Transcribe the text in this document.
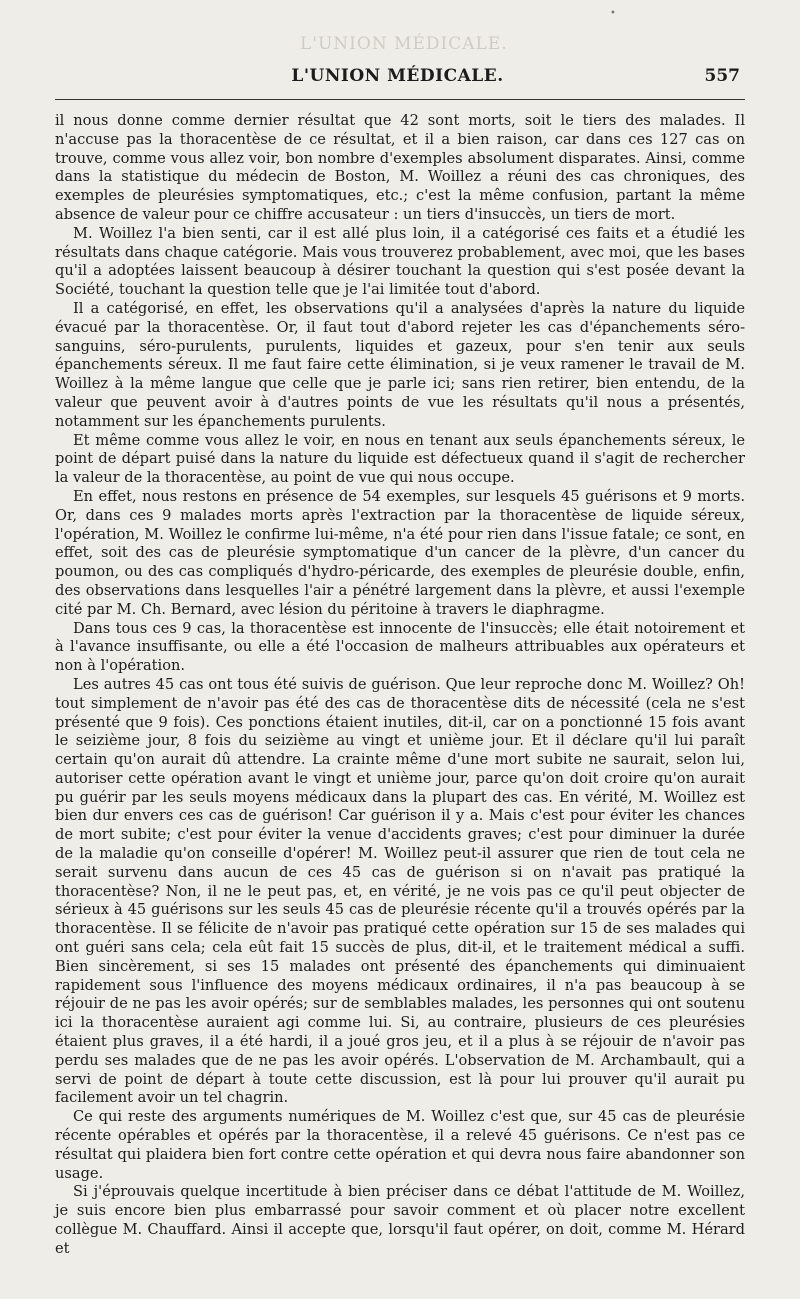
L'UNION MÉDICALE.
•
L'UNION MÉDICALE.	557

il nous donne comme dernier résultat que 42 sont morts, soit le tiers des malades. Il n'accuse pas la thoracentèse de ce résultat, et il a bien raison, car dans ces 127 cas on trouve, comme vous allez voir, bon nombre d'exemples absolument disparates. Ainsi, comme dans la statistique du médecin de Boston, M. Woillez a réuni des cas chroniques, des exemples de pleurésies symptomatiques, etc.; c'est la même confusion, partant la même absence de valeur pour ce chiffre accusateur : un tiers d'insuccès, un tiers de mort.

M. Woillez l'a bien senti, car il est allé plus loin, il a catégorisé ces faits et a étudié les résultats dans chaque catégorie. Mais vous trouverez probablement, avec moi, que les bases qu'il a adoptées laissent beaucoup à désirer touchant la question qui s'est posée devant la Société, touchant la question telle que je l'ai limitée tout d'abord.

Il a catégorisé, en effet, les observations qu'il a analysées d'après la nature du liquide évacué par la thoracentèse. Or, il faut tout d'abord rejeter les cas d'épanchements séro-sanguins, séro-purulents, purulents, liquides et gazeux, pour s'en tenir aux seuls épanchements séreux. Il me faut faire cette élimination, si je veux ramener le travail de M. Woillez à la même langue que celle que je parle ici; sans rien retirer, bien entendu, de la valeur que peuvent avoir à d'autres points de vue les résultats qu'il nous a présentés, notamment sur les épanchements purulents.

Et même comme vous allez le voir, en nous en tenant aux seuls épanchements séreux, le point de départ puisé dans la nature du liquide est défectueux quand il s'agit de rechercher la valeur de la thoracentèse, au point de vue qui nous occupe.

En effet, nous restons en présence de 54 exemples, sur lesquels 45 guérisons et 9 morts. Or, dans ces 9 malades morts après l'extraction par la thoracentèse de liquide séreux, l'opération, M. Woillez le confirme lui-même, n'a été pour rien dans l'issue fatale; ce sont, en effet, soit des cas de pleurésie symptomatique d'un cancer de la plèvre, d'un cancer du poumon, ou des cas compliqués d'hydro-péricarde, des exemples de pleurésie double, enfin, des observations dans lesquelles l'air a pénétré largement dans la plèvre, et aussi l'exemple cité par M. Ch. Bernard, avec lésion du péritoine à travers le diaphragme.

Dans tous ces 9 cas, la thoracentèse est innocente de l'insuccès; elle était notoirement et à l'avance insuffisante, ou elle a été l'occasion de malheurs attribuables aux opérateurs et non à l'opération.

Les autres 45 cas ont tous été suivis de guérison. Que leur reproche donc M. Woillez? Oh! tout simplement de n'avoir pas été des cas de thoracentèse dits de nécessité (cela ne s'est présenté que 9 fois). Ces ponctions étaient inutiles, dit-il, car on a ponctionné 15 fois avant le seizième jour, 8 fois du seizième au vingt et unième jour. Et il déclare qu'il lui paraît certain qu'on aurait dû attendre. La crainte même d'une mort subite ne saurait, selon lui, autoriser cette opération avant le vingt et unième jour, parce qu'on doit croire qu'on aurait pu guérir par les seuls moyens médicaux dans la plupart des cas. En vérité, M. Woillez est bien dur envers ces cas de guérison! Car guérison il y a. Mais c'est pour éviter les chances de mort subite; c'est pour éviter la venue d'accidents graves; c'est pour diminuer la durée de la maladie qu'on conseille d'opérer! M. Woillez peut-il assurer que rien de tout cela ne serait survenu dans aucun de ces 45 cas de guérison si on n'avait pas pratiqué la thoracentèse? Non, il ne le peut pas, et, en vérité, je ne vois pas ce qu'il peut objecter de sérieux à 45 guérisons sur les seuls 45 cas de pleurésie récente qu'il a trouvés opérés par la thoracentèse. Il se félicite de n'avoir pas pratiqué cette opération sur 15 de ses malades qui ont guéri sans cela; cela eût fait 15 succès de plus, dit-il, et le traitement médical a suffi. Bien sincèrement, si ses 15 malades ont présenté des épanchements qui diminuaient rapidement sous l'influence des moyens médicaux ordinaires, il n'a pas beaucoup à se réjouir de ne pas les avoir opérés; sur de semblables malades, les personnes qui ont soutenu ici la thoracentèse auraient agi comme lui. Si, au contraire, plusieurs de ces pleurésies étaient plus graves, il a été hardi, il a joué gros jeu, et il a plus à se réjouir de n'avoir pas perdu ses malades que de ne pas les avoir opérés. L'observation de M. Archambault, qui a servi de point de départ à toute cette discussion, est là pour lui prouver qu'il aurait pu facilement avoir un tel chagrin.

Ce qui reste des arguments numériques de M. Woillez c'est que, sur 45 cas de pleurésie récente opérables et opérés par la thoracentèse, il a relevé 45 guérisons. Ce n'est pas ce résultat qui plaidera bien fort contre cette opération et qui devra nous faire abandonner son usage.

Si j'éprouvais quelque incertitude à bien préciser dans ce débat l'attitude de M. Woillez, je suis encore bien plus embarrassé pour savoir comment et où placer notre excellent collègue M. Chauffard. Ainsi il accepte que, lorsqu'il faut opérer, on doit, comme M. Hérard et
